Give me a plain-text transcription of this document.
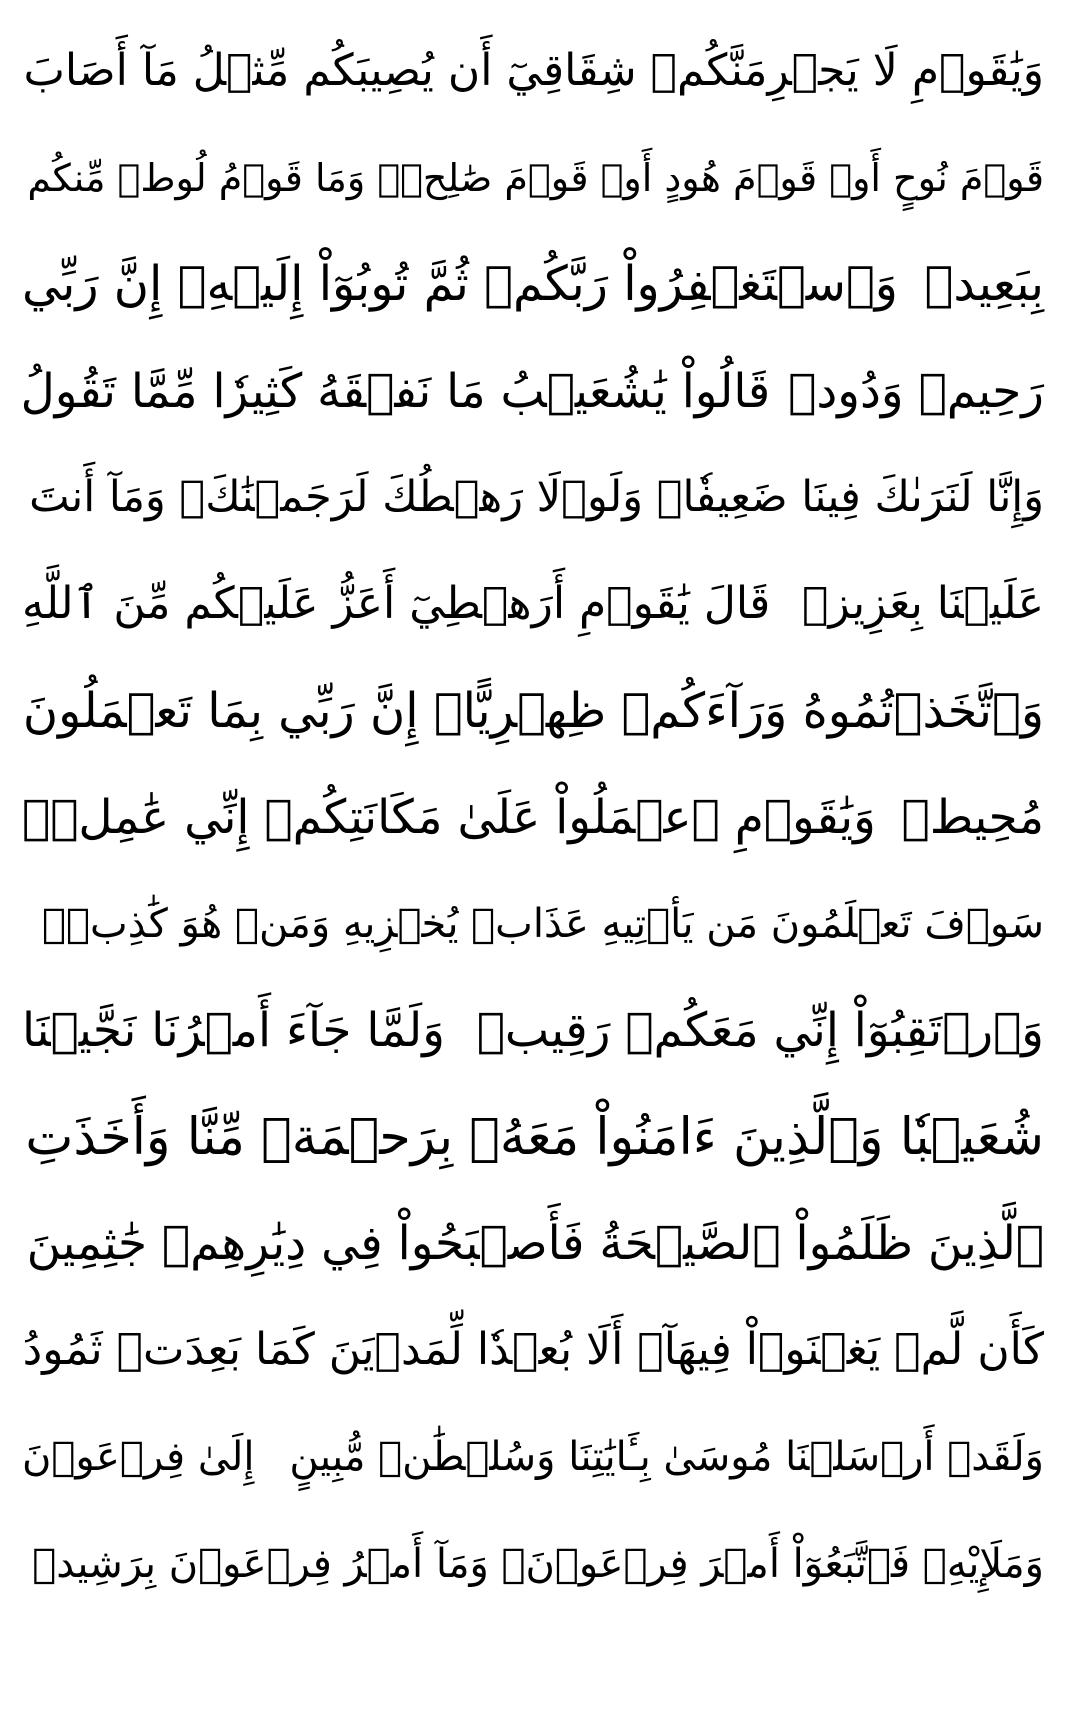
وَيَٰقَوۡمِ لَا يَجۡرِمَنَّكُمۡ شِقَاقِيٓ أَن يُصِيبَكُم مِّثۡلُ مَآ أَصَابَ
قَوۡمَ نُوحٍ أَوۡ قَوۡمَ هُودٍ أَوۡ قَوۡمَ صَٰلِحٖۚ وَمَا قَوۡمُ لُوطٖ مِّنكُم
بِبَعِيدٖ
وَٱسۡتَغۡفِرُواْ رَبَّكُمۡ ثُمَّ تُوبُوٓاْ إِلَيۡهِۚ إِنَّ رَبِّي
رَحِيمٞ وَدُودٞ
قَالُواْ يَٰشُعَيۡبُ مَا نَفۡقَهُ كَثِيرٗا مِّمَّا تَقُولُ
وَإِنَّا لَنَرَىٰكَ فِينَا ضَعِيفٗاۖ وَلَوۡلَا رَهۡطُكَ لَرَجَمۡنَٰكَۖ وَمَآ أَنتَ
عَلَيۡنَا بِعَزِيزٖ
قَالَ يَٰقَوۡمِ أَرَهۡطِيٓ أَعَزُّ عَلَيۡكُم مِّنَ ٱللَّهِ
وَٱتَّخَذۡتُمُوهُ وَرَآءَكُمۡ ظِهۡرِيًّاۖ إِنَّ رَبِّي بِمَا تَعۡمَلُونَ
مُحِيطٞ
وَيَٰقَوۡمِ ٱعۡمَلُواْ عَلَىٰ مَكَانَتِكُمۡ إِنِّي عَٰمِلٞۖ
سَوۡفَ تَعۡلَمُونَ مَن يَأۡتِيهِ عَذَابٞ يُخۡزِيهِ وَمَنۡ هُوَ كَٰذِبٞۖ
وَٱرۡتَقِبُوٓاْ إِنِّي مَعَكُمۡ رَقِيبٞ
وَلَمَّا جَآءَ أَمۡرُنَا نَجَّيۡنَا
شُعَيۡبٗا وَٱلَّذِينَ ءَامَنُواْ مَعَهُۥ بِرَحۡمَةٖ مِّنَّا وَأَخَذَتِ
ٱلَّذِينَ ظَلَمُواْ ٱلصَّيۡحَةُ فَأَصۡبَحُواْ فِي دِيَٰرِهِمۡ جَٰثِمِينَ
كَأَن لَّمۡ يَغۡنَوۡاْ فِيهَآۗ أَلَا بُعۡدٗا لِّمَدۡيَنَ كَمَا بَعِدَتۡ ثَمُودُ
وَلَقَدۡ أَرۡسَلۡنَا مُوسَىٰ بِـَٔايَٰتِنَا وَسُلۡطَٰنٖ مُّبِينٍ
إِلَىٰ فِرۡعَوۡنَ
وَمَلَإِيْهِۦ فَٱتَّبَعُوٓاْ أَمۡرَ فِرۡعَوۡنَۖ وَمَآ أَمۡرُ فِرۡعَوۡنَ بِرَشِيدٖ
